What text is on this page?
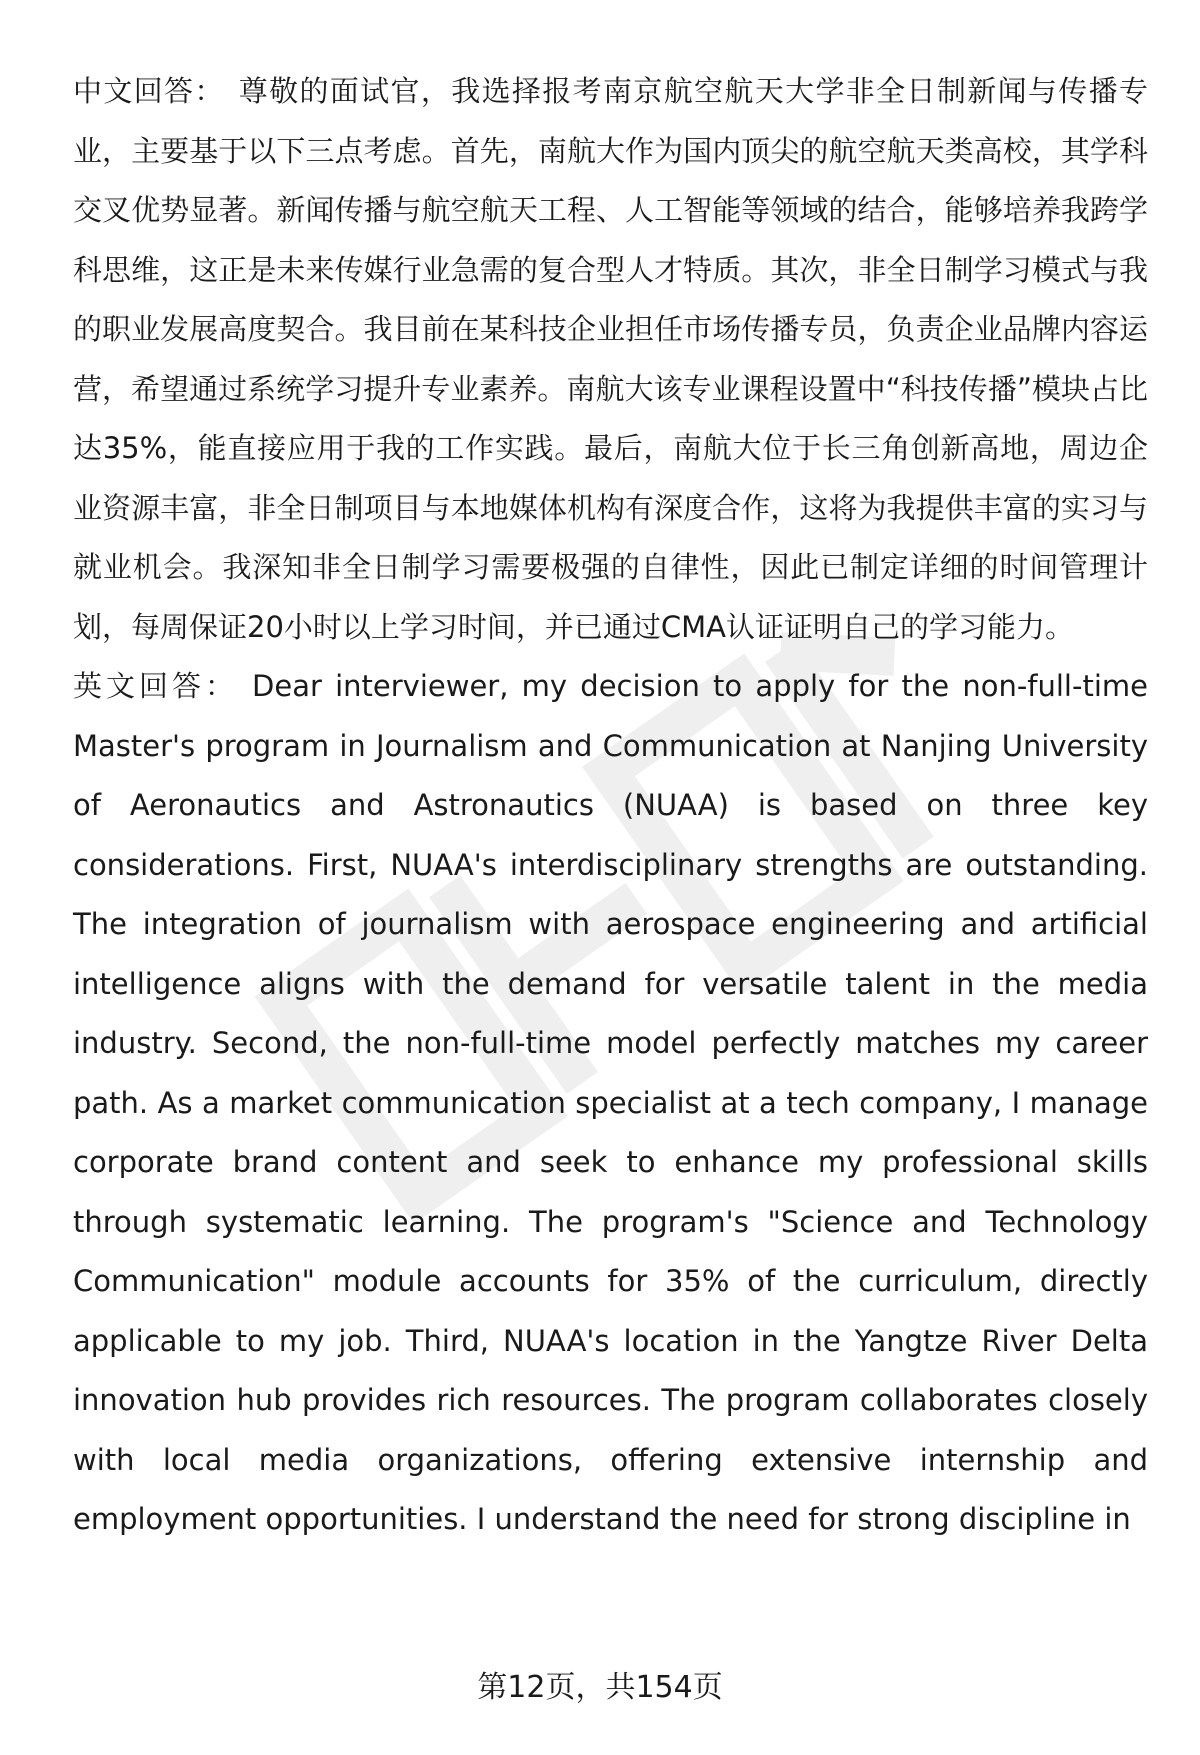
中文回答： 尊敬的面试官，我选择报考南京航空航天大学非全日制新闻与传播专业，主要基于以下三点考虑。首先，南航大作为国内顶尖的航空航天类高校，其学科交叉优势显著。新闻传播与航空航天工程、人工智能等领域的结合，能够培养我跨学科思维，这正是未来传媒行业急需的复合型人才特质。其次，非全日制学习模式与我的职业发展高度契合。我目前在某科技企业担任市场传播专员，负责企业品牌内容运营，希望通过系统学习提升专业素养。南航大该专业课程设置中“科技传播”模块占比达35%，能直接应用于我的工作实践。最后，南航大位于长三角创新高地，周边企业资源丰富，非全日制项目与本地媒体机构有深度合作，这将为我提供丰富的实习与就业机会。我深知非全日制学习需要极强的自律性，因此已制定详细的时间管理计划，每周保证20小时以上学习时间，并已通过CMA认证证明自己的学习能力。

英文回答： Dear interviewer, my decision to apply for the non-full-time Master's program in Journalism and Communication at Nanjing University of Aeronautics and Astronautics (NUAA) is based on three key considerations. First, NUAA's interdisciplinary strengths are outstanding. The integration of journalism with aerospace engineering and artificial intelligence aligns with the demand for versatile talent in the media industry. Second, the non-full-time model perfectly matches my career path. As a market communication specialist at a tech company, I manage corporate brand content and seek to enhance my professional skills through systematic learning. The program's "Science and Technology Communication" module accounts for 35% of the curriculum, directly applicable to my job. Third, NUAA's location in the Yangtze River Delta innovation hub provides rich resources. The program collaborates closely with local media organizations, offering extensive internship and employment opportunities. I understand the need for strong discipline in

第12页，共154页
